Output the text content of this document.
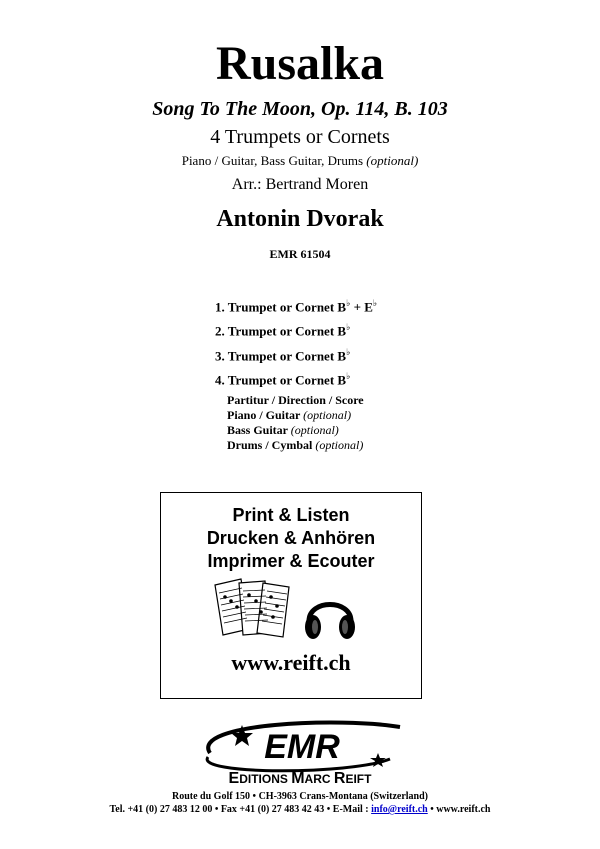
Rusalka
Song To The Moon, Op. 114, B. 103
4 Trumpets or Cornets
Piano / Guitar, Bass Guitar, Drums (optional)
Arr.: Bertrand Moren
Antonin Dvorak
EMR 61504
1. Trumpet or Cornet B♭ + E♭
2. Trumpet or Cornet B♭
3. Trumpet or Cornet B♭
4. Trumpet or Cornet B♭
Partitur / Direction / Score
Piano / Guitar (optional)
Bass Guitar (optional)
Drums / Cymbal (optional)
Print & Listen
Drucken & Anhören
Imprimer & Ecouter
www.reift.ch
EMR
EDITIONS MARC REIFT
Route du Golf 150 • CH-3963 Crans-Montana (Switzerland)
Tel. +41 (0) 27 483 12 00 • Fax +41 (0) 27 483 42 43 • E-Mail : info@reift.ch • www.reift.ch
